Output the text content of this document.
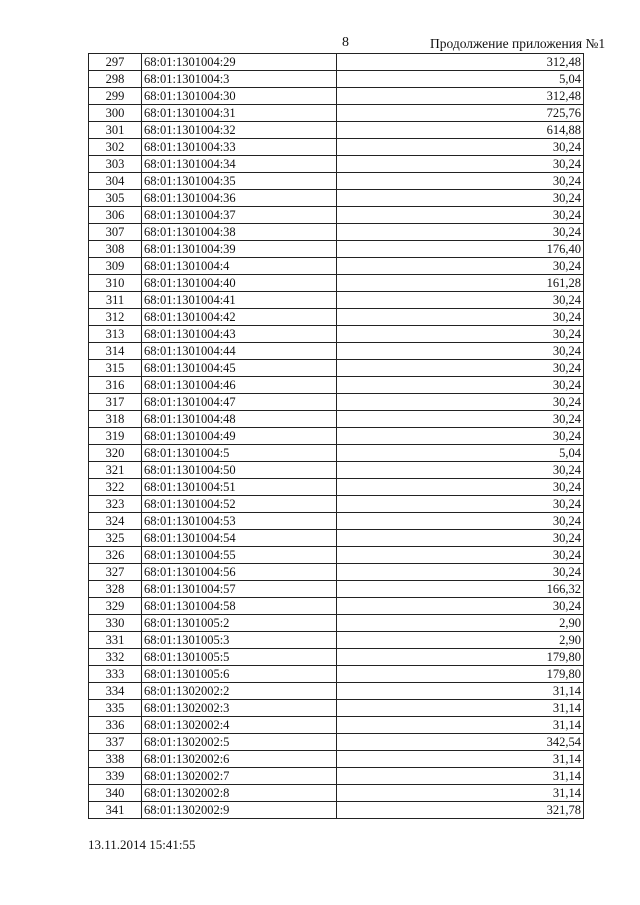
8	Продолжение приложения №1
297	68:01:1301004:29	312,48
298	68:01:1301004:3	5,04
299	68:01:1301004:30	312,48
300	68:01:1301004:31	725,76
301	68:01:1301004:32	614,88
302	68:01:1301004:33	30,24
303	68:01:1301004:34	30,24
304	68:01:1301004:35	30,24
305	68:01:1301004:36	30,24
306	68:01:1301004:37	30,24
307	68:01:1301004:38	30,24
308	68:01:1301004:39	176,40
309	68:01:1301004:4	30,24
310	68:01:1301004:40	161,28
311	68:01:1301004:41	30,24
312	68:01:1301004:42	30,24
313	68:01:1301004:43	30,24
314	68:01:1301004:44	30,24
315	68:01:1301004:45	30,24
316	68:01:1301004:46	30,24
317	68:01:1301004:47	30,24
318	68:01:1301004:48	30,24
319	68:01:1301004:49	30,24
320	68:01:1301004:5	5,04
321	68:01:1301004:50	30,24
322	68:01:1301004:51	30,24
323	68:01:1301004:52	30,24
324	68:01:1301004:53	30,24
325	68:01:1301004:54	30,24
326	68:01:1301004:55	30,24
327	68:01:1301004:56	30,24
328	68:01:1301004:57	166,32
329	68:01:1301004:58	30,24
330	68:01:1301005:2	2,90
331	68:01:1301005:3	2,90
332	68:01:1301005:5	179,80
333	68:01:1301005:6	179,80
334	68:01:1302002:2	31,14
335	68:01:1302002:3	31,14
336	68:01:1302002:4	31,14
337	68:01:1302002:5	342,54
338	68:01:1302002:6	31,14
339	68:01:1302002:7	31,14
340	68:01:1302002:8	31,14
341	68:01:1302002:9	321,78
13.11.2014 15:41:55
